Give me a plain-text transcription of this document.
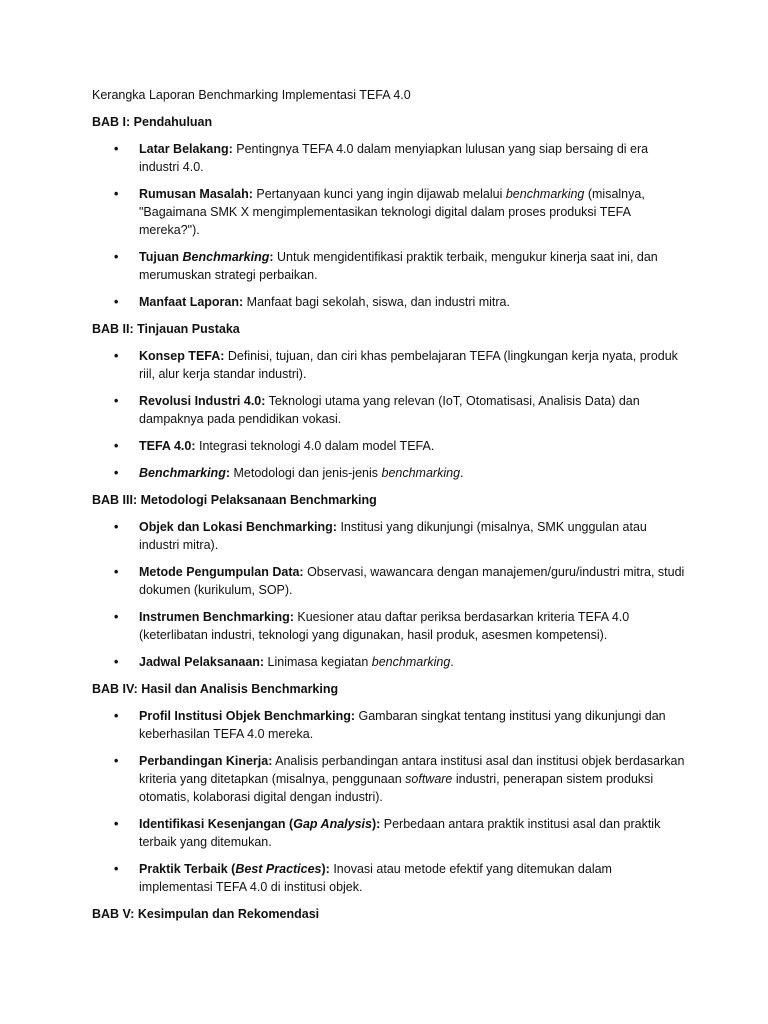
Kerangka Laporan Benchmarking Implementasi TEFA 4.0

BAB I: Pendahuluan

• Latar Belakang: Pentingnya TEFA 4.0 dalam menyiapkan lulusan yang siap bersaing di era industri 4.0.
• Rumusan Masalah: Pertanyaan kunci yang ingin dijawab melalui benchmarking (misalnya, "Bagaimana SMK X mengimplementasikan teknologi digital dalam proses produksi TEFA mereka?").
• Tujuan Benchmarking: Untuk mengidentifikasi praktik terbaik, mengukur kinerja saat ini, dan merumuskan strategi perbaikan.
• Manfaat Laporan: Manfaat bagi sekolah, siswa, dan industri mitra.

BAB II: Tinjauan Pustaka

• Konsep TEFA: Definisi, tujuan, dan ciri khas pembelajaran TEFA (lingkungan kerja nyata, produk riil, alur kerja standar industri).
• Revolusi Industri 4.0: Teknologi utama yang relevan (IoT, Otomatisasi, Analisis Data) dan dampaknya pada pendidikan vokasi.
• TEFA 4.0: Integrasi teknologi 4.0 dalam model TEFA.
• Benchmarking: Metodologi dan jenis-jenis benchmarking.

BAB III: Metodologi Pelaksanaan Benchmarking

• Objek dan Lokasi Benchmarking: Institusi yang dikunjungi (misalnya, SMK unggulan atau industri mitra).
• Metode Pengumpulan Data: Observasi, wawancara dengan manajemen/guru/industri mitra, studi dokumen (kurikulum, SOP).
• Instrumen Benchmarking: Kuesioner atau daftar periksa berdasarkan kriteria TEFA 4.0 (keterlibatan industri, teknologi yang digunakan, hasil produk, asesmen kompetensi).
• Jadwal Pelaksanaan: Linimasa kegiatan benchmarking.

BAB IV: Hasil dan Analisis Benchmarking

• Profil Institusi Objek Benchmarking: Gambaran singkat tentang institusi yang dikunjungi dan keberhasilan TEFA 4.0 mereka.
• Perbandingan Kinerja: Analisis perbandingan antara institusi asal dan institusi objek berdasarkan kriteria yang ditetapkan (misalnya, penggunaan software industri, penerapan sistem produksi otomatis, kolaborasi digital dengan industri).
• Identifikasi Kesenjangan (Gap Analysis): Perbedaan antara praktik institusi asal dan praktik terbaik yang ditemukan.
• Praktik Terbaik (Best Practices): Inovasi atau metode efektif yang ditemukan dalam implementasi TEFA 4.0 di institusi objek.

BAB V: Kesimpulan dan Rekomendasi
